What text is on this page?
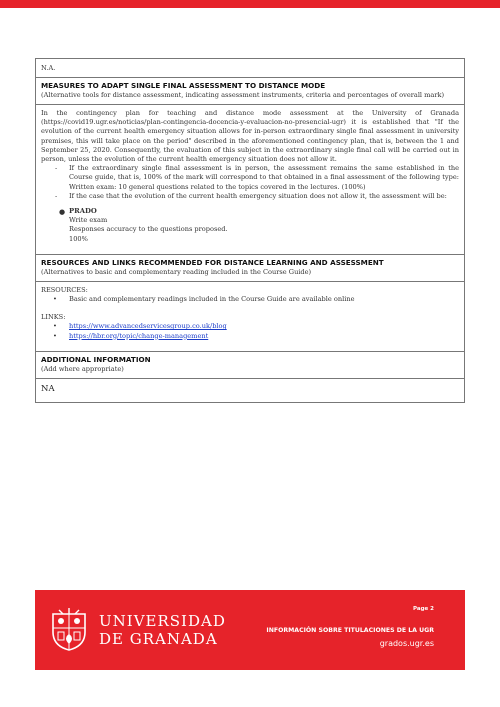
N.A.
MEASURES TO ADAPT SINGLE FINAL ASSESSMENT TO DISTANCE MODE
(Alternative tools for distance assessment, indicating assessment instruments, criteria and percentages of overall mark)
In the contingency plan for teaching and distance mode assessment at the University of Granada (https://covid19.ugr.es/noticias/plan-contingencia-docencia-y-evaluacion-no-presencial-ugr) it is established that "If the evolution of the current health emergency situation allows for in-person extraordinary single final assessment in university premises, this will take place on the period" described in the aforementioned contingency plan, that is, between the 1 and September 25, 2020. Consequently, the evaluation of this subject in the extraordinary single final call will be carried out in person, unless the evolution of the current health emergency situation does not allow it.
- If the extraordinary single final assessment is in person, the assessment remains the same established in the Course guide, that is, 100% of the mark will correspond to that obtained in a final assessment of the following type: Written exam: 10 general questions related to the topics covered in the lectures. (100%)
- If the case that the evolution of the current health emergency situation does not allow it, the assessment will be:
● PRADO
Write exam
Responses accuracy to the questions proposed.
100%
RESOURCES AND LINKS RECOMMENDED FOR DISTANCE LEARNING AND ASSESSMENT
(Alternatives to basic and complementary reading included in the Course Guide)
RESOURCES:
• Basic and complementary readings included in the Course Guide are available online
LINKS:
• https://www.advancedservicesgroup.co.uk/blog
• https://hbr.org/topic/change-management
ADDITIONAL INFORMATION
(Add where appropriate)
NA
UNIVERSIDAD
DE GRANADA
Page 2
INFORMACIÓN SOBRE TITULACIONES DE LA UGR
grados.ugr.es
